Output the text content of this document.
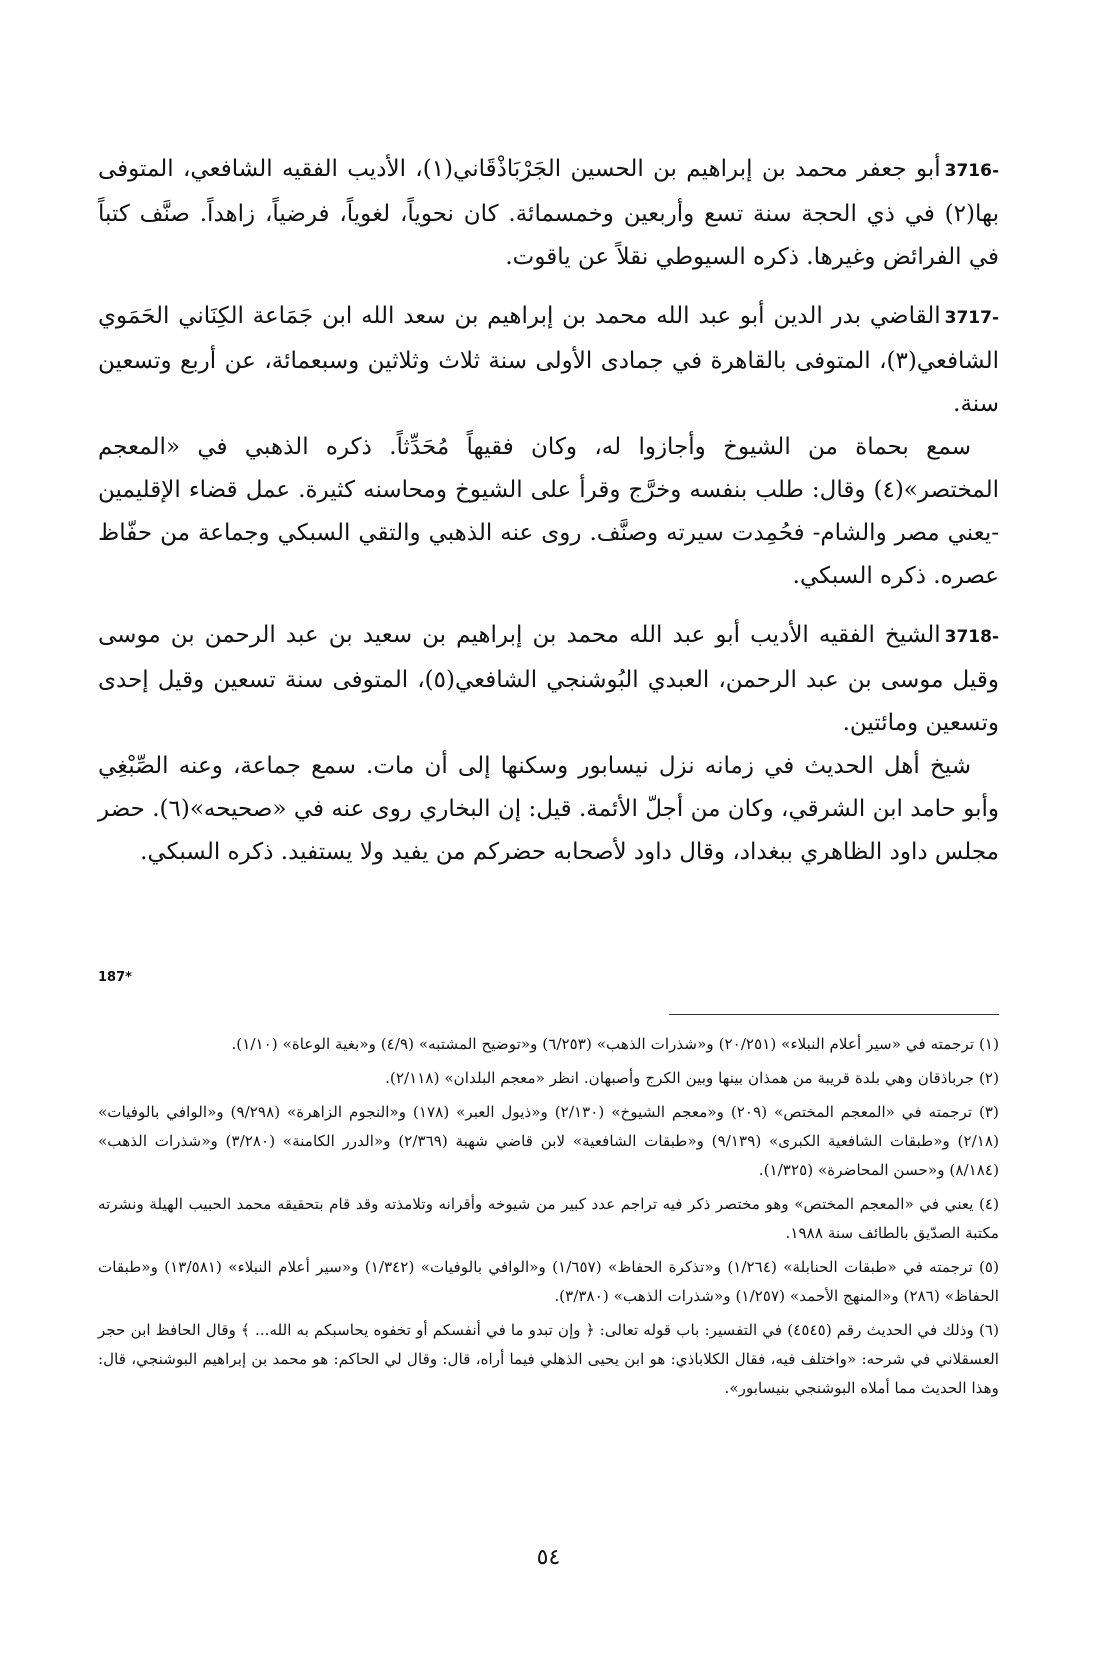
3716-أبو جعفر محمد بن إبراهيم بن الحسين الجَرْبَاذْقَاني(١)، الأديب الفقيه الشافعي، المتوفى بها(٢) في ذي الحجة سنة تسع وأربعين وخمسمائة. كان نحوياً، لغوياً، فرضياً، زاهداً. صنَّف كتباً في الفرائض وغيرها. ذكره السيوطي نقلاً عن ياقوت.

3717-القاضي بدر الدين أبو عبد الله محمد بن إبراهيم بن سعد الله ابن جَمَاعة الكِنَاني الحَمَوي الشافعي(٣)، المتوفى بالقاهرة في جمادى الأولى سنة ثلاث وثلاثين وسبعمائة، عن أربع وتسعين سنة.

سمع بحماة من الشيوخ وأجازوا له، وكان فقيهاً مُحَدِّثاً. ذكره الذهبي في «المعجم المختصر»(٤) وقال: طلب بنفسه وخرَّج وقرأ على الشيوخ ومحاسنه كثيرة. عمل قضاء الإقليمين -يعني مصر والشام- فحُمِدت سيرته وصنَّف. روى عنه الذهبي والتقي السبكي وجماعة من حفّاظ عصره. ذكره السبكي.

3718-الشيخ الفقيه الأديب أبو عبد الله محمد بن إبراهيم بن سعيد بن عبد الرحمن بن موسى وقيل موسى بن عبد الرحمن، العبدي البُوشنجي الشافعي(٥)، المتوفى سنة تسعين وقيل إحدى وتسعين ومائتين.

شيخ أهل الحديث في زمانه نزل نيسابور وسكنها إلى أن مات. سمع جماعة، وعنه الصِّبْغِي وأبو حامد ابن الشرقي، وكان من أجلّ الأئمة. قيل: إن البخاري روى عنه في «صحيحه»(٦). حضر مجلس داود الظاهري ببغداد، وقال داود لأصحابه حضركم من يفيد ولا يستفيد. ذكره السبكي.

187*

(١) ترجمته في «سير أعلام النبلاء» (٢٠/٢٥١) و«شذرات الذهب» (٦/٢٥٣) و«توضيح المشتبه» (٤/٩) و«بغية الوعاة» (١/١٠).

(٢) جرباذقان وهي بلدة قريبة من همذان بينها وبين الكرج وأصبهان. انظر «معجم البلدان» (٢/١١٨).

(٣) ترجمته في «المعجم المختص» (٢٠٩) و«معجم الشيوخ» (٢/١٣٠) و«ذيول العبر» (١٧٨) و«النجوم الزاهرة» (٩/٢٩٨) و«الوافي بالوفيات» (٢/١٨) و«طبقات الشافعية الكبرى» (٩/١٣٩) و«طبقات الشافعية» لابن قاضي شهبة (٢/٣٦٩) و«الدرر الكامنة» (٣/٢٨٠) و«شذرات الذهب» (٨/١٨٤) و«حسن المحاضرة» (١/٣٢٥).

(٤) يعني في «المعجم المختص» وهو مختصر ذكر فيه تراجم عدد كبير من شيوخه وأقرانه وتلامذته وقد قام بتحقيقه محمد الحبيب الهيلة ونشرته مكتبة الصدّيق بالطائف سنة ١٩٨٨.

(٥) ترجمته في «طبقات الحنابلة» (١/٢٦٤) و«تذكرة الحفاظ» (١/٦٥٧) و«الوافي بالوفيات» (١/٣٤٢) و«سير أعلام النبلاء» (١٣/٥٨١) و«طبقات الحفاظ» (٢٨٦) و«المنهج الأحمد» (١/٢٥٧) و«شذرات الذهب» (٣/٣٨٠).

(٦) وذلك في الحديث رقم (٤٥٤٥) في التفسير: باب قوله تعالى: ﴿ وإن تبدو ما في أنفسكم أو تخفوه يحاسبكم به الله... ﴾ وقال الحافظ ابن حجر العسقلاني في شرحه: «واختلف فيه، فقال الكلاباذي: هو ابن يحيى الذهلي فيما أراه، قال: وقال لي الحاكم: هو محمد بن إبراهيم البوشنجي، قال: وهذا الحديث مما أملاه البوشنجي بنيسابور».

٥٤
